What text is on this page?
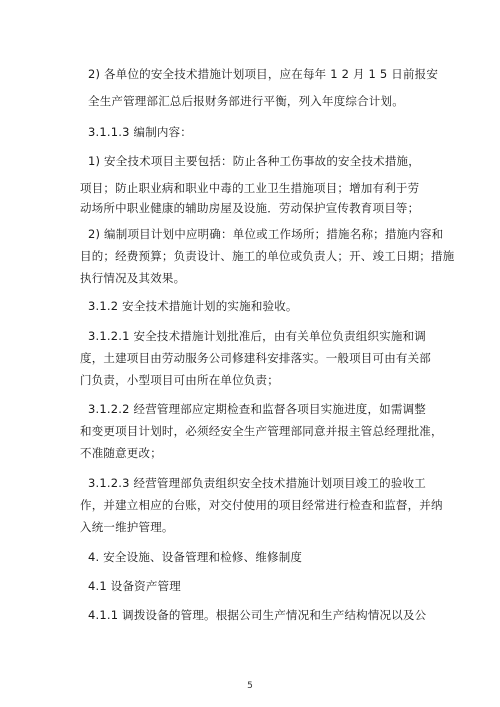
2) 各单位的安全技术措施计划项目，应在每年 1 2 月 1 5 日前报安
全生产管理部汇总后报财务部进行平衡，列入年度综合计划。
3.1.1.3 编制内容：
1) 安全技术项目主要包括：防止各种工伤事故的安全技术措施，
项目；防止职业病和职业中毒的工业卫生措施项目；增加有利于劳
动场所中职业健康的辅助房屋及设施．劳动保护宣传教育项目等；
2) 编制项目计划中应明确：单位或工作场所；措施名称；措施内容和
目的；经费预算；负责设计、施工的单位或负责人；开、竣工日期；措施
执行情况及其效果。
3.1.2 安全技术措施计划的实施和验收。
3.1.2.1 安全技术措施计划批准后，由有关单位负责组织实施和调
度，土建项目由劳动服务公司修建科安排落实。一般项目可由有关部
门负责，小型项目可由所在单位负责；
3.1.2.2 经营管理部应定期检查和监督各项目实施进度，如需调整
和变更项目计划时，必须经安全生产管理部同意并报主管总经理批准，
不准随意更改；
3.1.2.3 经营管理部负责组织安全技术措施计划项目竣工的验收工
作，并建立相应的台账，对交付使用的项目经常进行检查和监督，并纳
入统一维护管理。
4. 安全设施、设备管理和检修、维修制度
4.1 设备资产管理
4.1.1 调拨设备的管理。根据公司生产情况和生产结构情况以及公
5
